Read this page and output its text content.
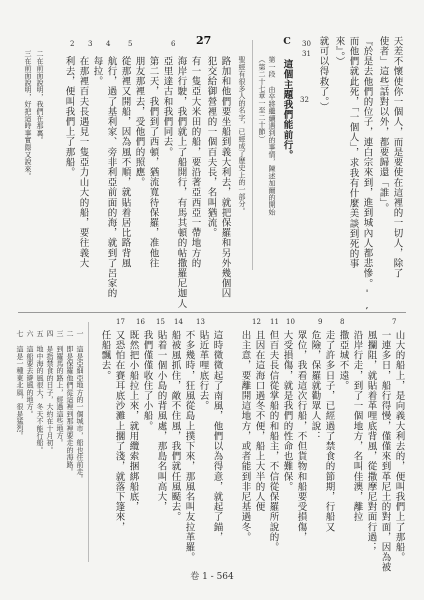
30
31	天差不懷使你一個人，而是要使在這裡的一切人，除了
使者」這些話對以外，都要歸還「誰」。
『於是去他們的位子，連白宗來到，進到城內人都悲慘。',
而他們就此死，「一個人」，求我有什麼美談到死的事
來』。）
32 就可以得救了。）
C 這個主題我們能前行。
第一段 由卒將繼續遇到的事情，陳述加爾的開始
（第二十七章一至二十節）
27
6
5
4
3
2
聖經有很多人的名字，已經成了歷史上的一部分。
路加和他們要坐船到義大利去，就把保羅和另外幾個囚
犯交給御營裡的一個百夫長，名叫猶流。
有一隻亞大米田的船，要沿著亞西亞一帶地方的
海岸行駛，我們就上了船開行，有馬其頓的帖撒羅尼迦人
亞里達古和我們同去。
第二天，我們到了西頓，猶流寬待保羅，准他往
朋友那裡去，受他們的照應。
從那裡又開船，因為風不順，就貼着居比路背風
航行，過了基利家、旁非利亞前面的海，就到了呂家的
每拉。
在那裡百夫長遇見一隻亞力山大的船，要往義大
利去，便叫我們上了那船。
二在前面說明，我們在那裏。
三在前面說明，好把這時事實際又說來。
7
8
9
10
11
12
山大的船上，是向義大利去的，便叫我們上了那船。
一連多日，船行得慢，僅僅來到革尼土的對面，因為被
風攔阻，就貼着革哩底背風，從撒摩尼對面行過；
沿岸行走，到了一個地方，名叫佳澳，離拉
撒亞城不遠。
走了許多日子，已經過了禁食的節期，行船又
危險，保羅就勸眾人說：
眾位，我看這次行船，不但貨物和船要受損傷，
大受損傷，就是我們的性命也難保。
但百夫長信從掌船的和船主，不信從保羅所說的。
且因在這海口過冬不便，船上大半的人便
出主意，要離開這地方，或者能到非尼基過冬。
13
14
15
16
17
這時微微起了南風，他們以為得意，就起了錨，
貼近革哩底行去。
不多幾時，狂風從島上撲下來，那風名叫友拉革羅。
船被風抓住，敵不住風，我們就任風颳去。
貼着一個小島的背風處，那島名叫高大，
我們僅僅收住了小船。
既然把小船拉上來，就用纜索捆綁船底，
又恐怕在賽耳底沙灘上擱了淺，就落下篷來，
任船飄去。
一 這是亞細亞地方的一個城市，船也往前走。
二 即是保羅他們從這裡到那裡要走的海路。
三 到羅馬的路上，經過這些地方。
四 是指禁食的日子，大約在十月初。
五 地中海的風很大，冬天不能行船。
六 這船要去避風的地方。
七 這是一種東北風，很是猛烈。
卷 1 - 564
